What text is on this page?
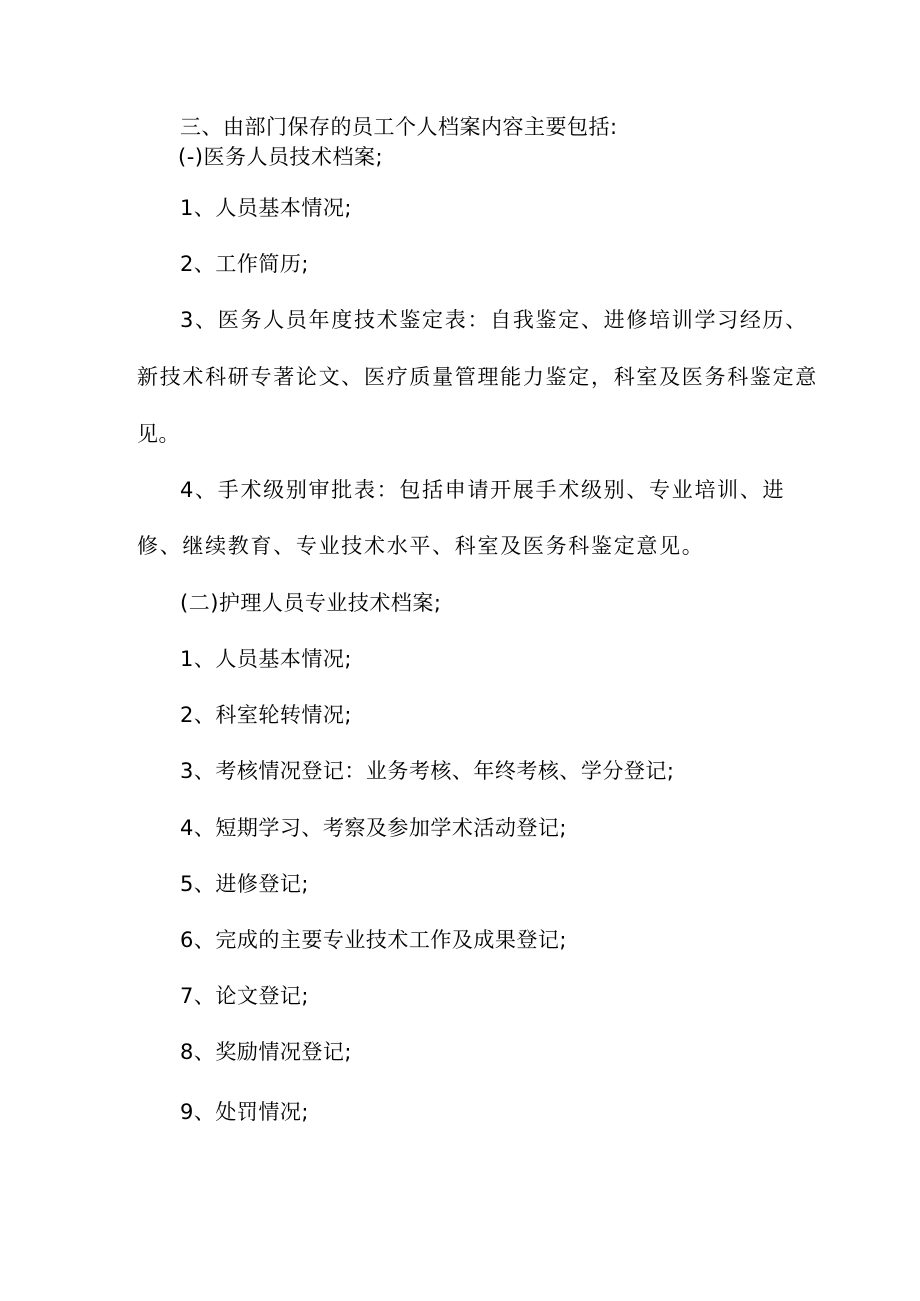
三、由部门保存的员工个人档案内容主要包括:
(-)医务人员技术档案;
1、人员基本情况;
2、工作简历;
3、医务人员年度技术鉴定表：自我鉴定、进修培训学习经历、
新技术科研专著论文、医疗质量管理能力鉴定，科室及医务科鉴定意
见。
4、手术级别审批表：包括申请开展手术级别、专业培训、进
修、继续教育、专业技术水平、科室及医务科鉴定意见。
(二)护理人员专业技术档案;
1、人员基本情况;
2、科室轮转情况;
3、考核情况登记：业务考核、年终考核、学分登记;
4、短期学习、考察及参加学术活动登记;
5、进修登记;
6、完成的主要专业技术工作及成果登记;
7、论文登记;
8、奖励情况登记;
9、处罚情况;
